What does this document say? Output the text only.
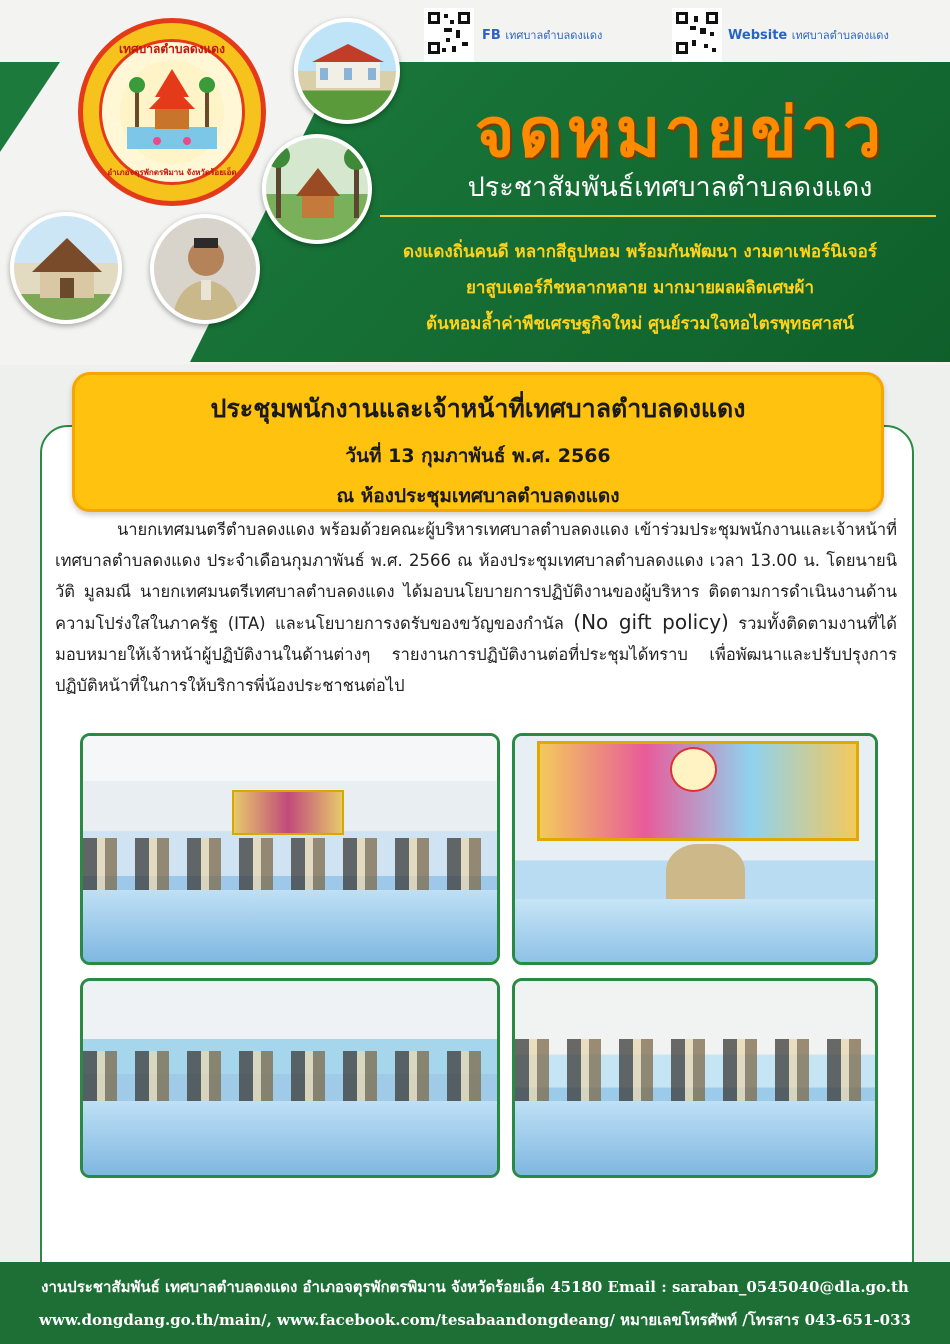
FB เทศบาลตำบลดงแดง	Website เทศบาลตำบลดงแดง
เทศบาลตำบลดงแดง
อำเภอจตุรพักตรพิมาน จังหวัดร้อยเอ็ด	จดหมายข่าว
ประชาสัมพันธ์เทศบาลตำบลดงแดง
ดงแดงถิ่นคนดี หลากสีธูปหอม พร้อมกันพัฒนา งามตาเฟอร์นิเจอร์
ยาสูบเตอร์กีชหลากหลาย มากมายผลผลิตเศษผ้า
ต้นหอมล้ำค่าพืชเศรษฐกิจใหม่ ศูนย์รวมใจหอไตรพุทธศาสน์
ประชุมพนักงานและเจ้าหน้าที่เทศบาลตำบลดงแดง
วันที่ 13 กุมภาพันธ์ พ.ศ. 2566
ณ ห้องประชุมเทศบาลตำบลดงแดง
นายกเทศมนตรีตำบลดงแดง พร้อมด้วยคณะผู้บริหารเทศบาลตำบลดงแดง เข้าร่วมประชุมพนักงานและเจ้าหน้าที่เทศบาลตำบลดงแดง ประจำเดือนกุมภาพันธ์ พ.ศ. 2566 ณ ห้องประชุมเทศบาลตำบลดงแดง เวลา 13.00 น. โดยนายนิวัติ มูลมณี นายกเทศมนตรีเทศบาลตำบลดงแดง ได้มอบนโยบายการปฏิบัติงานของผู้บริหาร ติดตามการดำเนินงานด้านความโปร่งใสในภาครัฐ (ITA) และนโยบายการงดรับของขวัญของกำนัล (No gift policy) รวมทั้งติดตามงานที่ได้มอบหมายให้เจ้าหน้าผู้ปฏิบัติงานในด้านต่างๆ รายงานการปฏิบัติงานต่อที่ประชุมได้ทราบ เพื่อพัฒนาและปรับปรุงการปฏิบัติหน้าที่ในการให้บริการพี่น้องประชาชนต่อไป
งานประชาสัมพันธ์ เทศบาลตำบลดงแดง อำเภอจตุรพักตรพิมาน จังหวัดร้อยเอ็ด 45180 Email : saraban_0545040@dla.go.th
www.dongdang.go.th/main/, www.facebook.com/tesabaandongdeang/ หมายเลขโทรศัพท์ /โทรสาร 043-651-033
